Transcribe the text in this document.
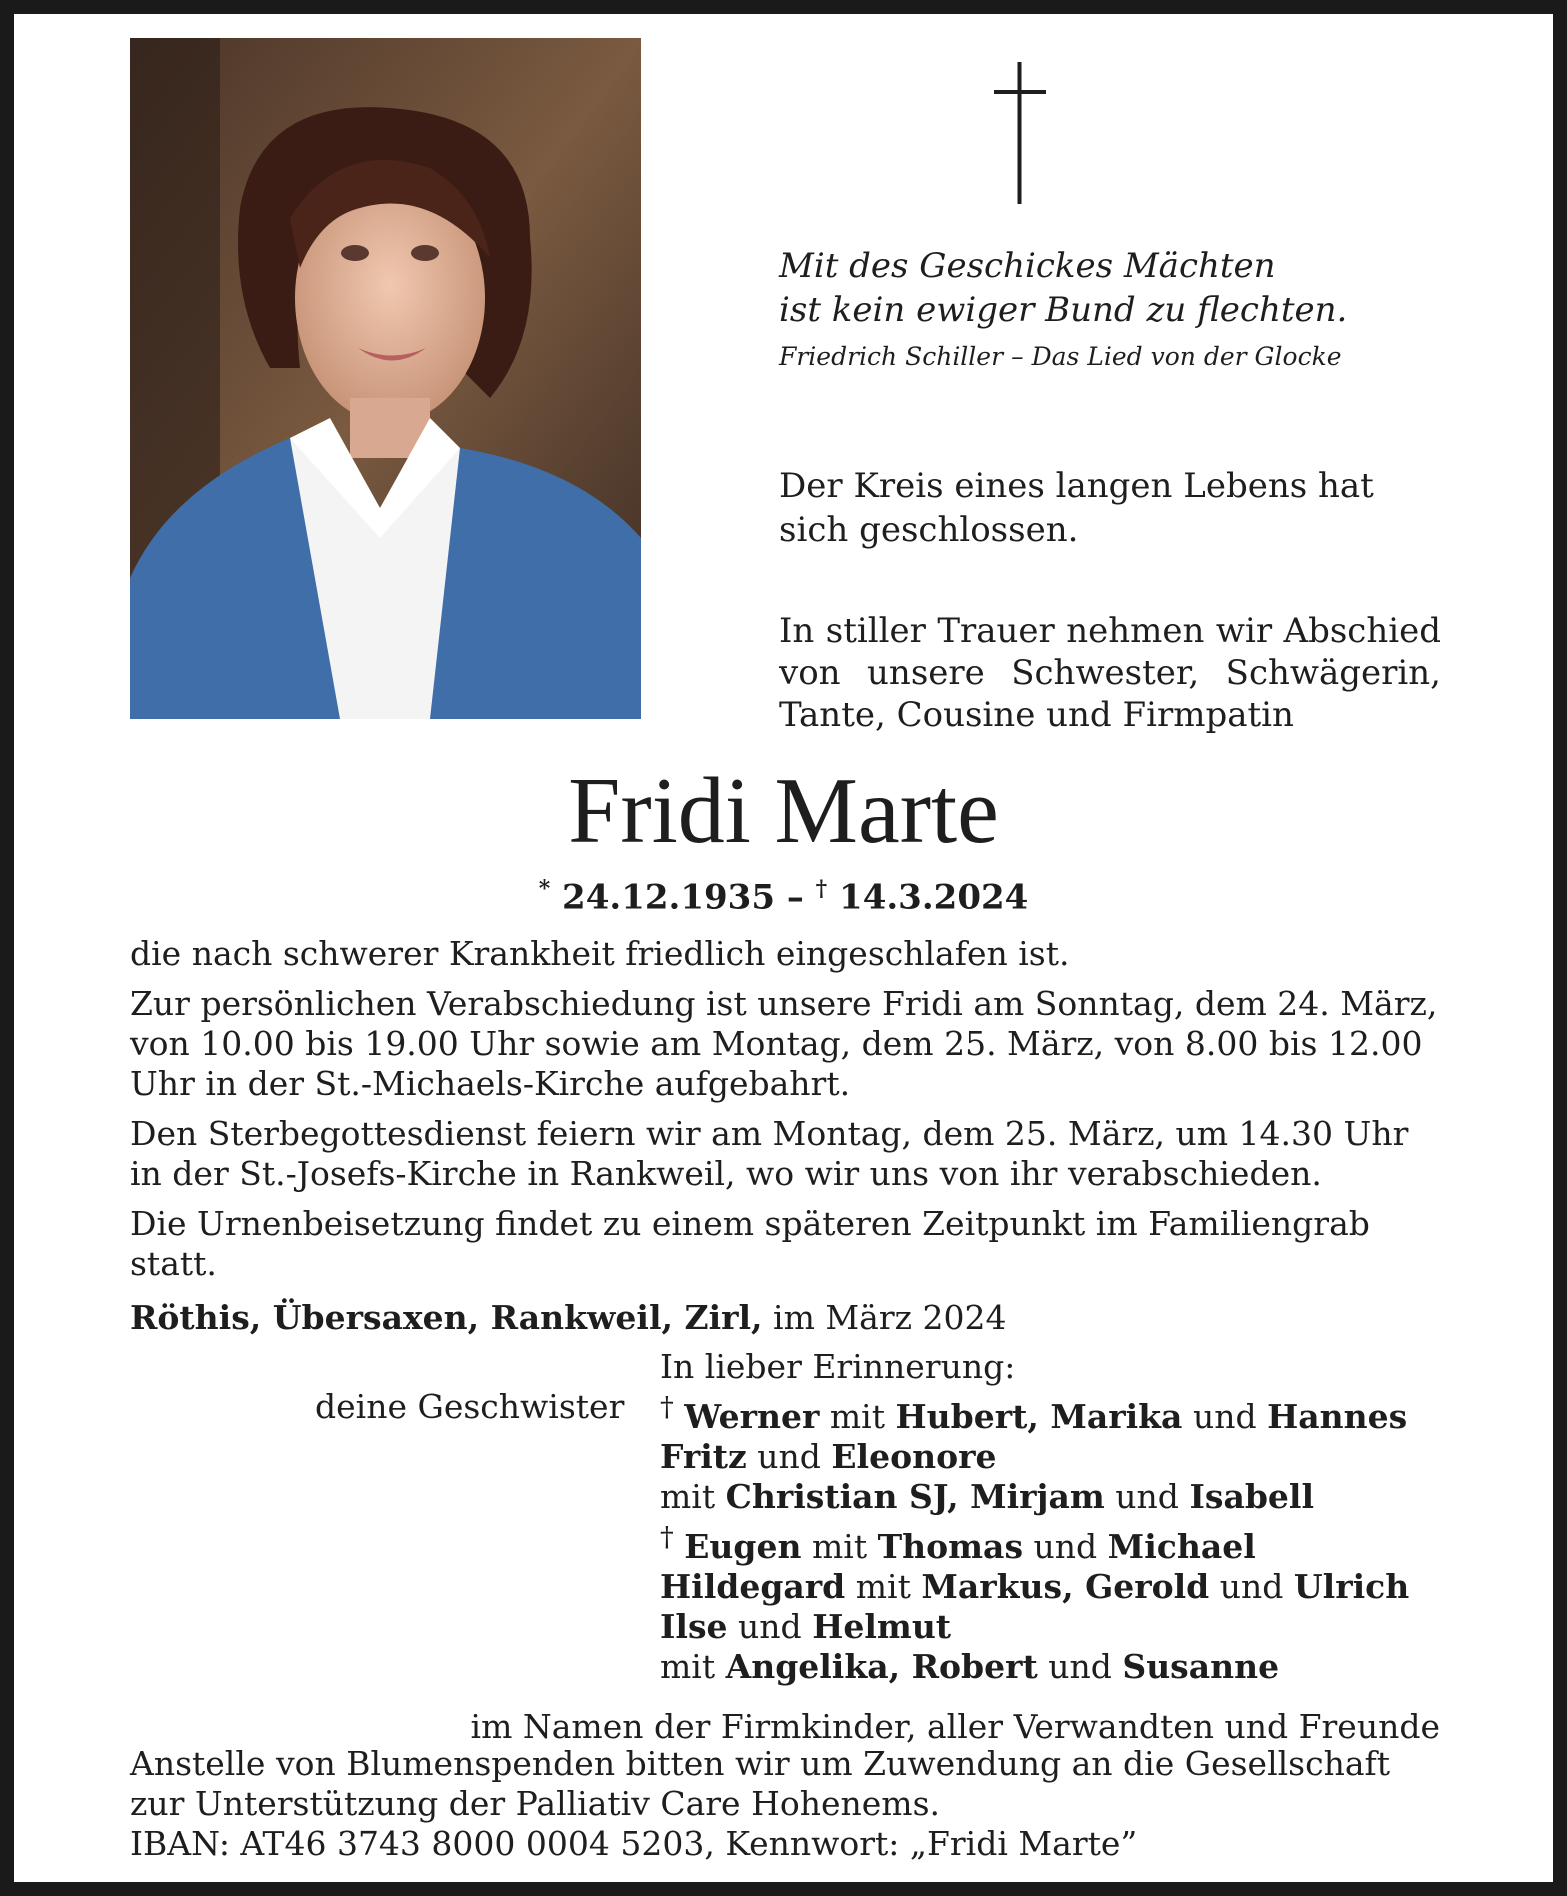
Mit des Geschickes Mächten

ist kein ewiger Bund zu flechten.

Friedrich Schiller – Das Lied von der Glocke
Der Kreis eines langen Lebens hat sich geschlossen.
In stiller Trauer nehmen wir Abschied von unsere Schwester, Schwägerin, Tante, Cousine und Firmpatin
Fridi Marte
* 24.12.1935 – † 14.3.2024

die nach schwerer Krankheit friedlich eingeschlafen ist.

Zur persönlichen Verabschiedung ist unsere Fridi am Sonntag, dem 24. März, von 10.00 bis 19.00 Uhr sowie am Montag, dem 25. März, von 8.00 bis 12.00 Uhr in der St.-Michaels-Kirche aufgebahrt.

Den Sterbegottesdienst feiern wir am Montag, dem 25. März, um 14.30 Uhr in der St.-Josefs-Kirche in Rankweil, wo wir uns von ihr verabschieden.

Die Urnenbeisetzung findet zu einem späteren Zeitpunkt im Familiengrab statt.

Röthis, Übersaxen, Rankweil, Zirl, im März 2024

deine Geschwister
In lieber Erinnerung:
† Werner mit Hubert, Marika und Hannes
Fritz und Eleonore
mit Christian SJ, Mirjam und Isabell
† Eugen mit Thomas und Michael
Hildegard mit Markus, Gerold und Ulrich
Ilse und Helmut
mit Angelika, Robert und Susanne
im Namen der Firmkinder, aller Verwandten und Freunde
Anstelle von Blumenspenden bitten wir um Zuwendung an die Gesellschaft
zur Unterstützung der Palliativ Care Hohenems.
IBAN: AT46 3743 8000 0004 5203, Kennwort: „Fridi Marte”
